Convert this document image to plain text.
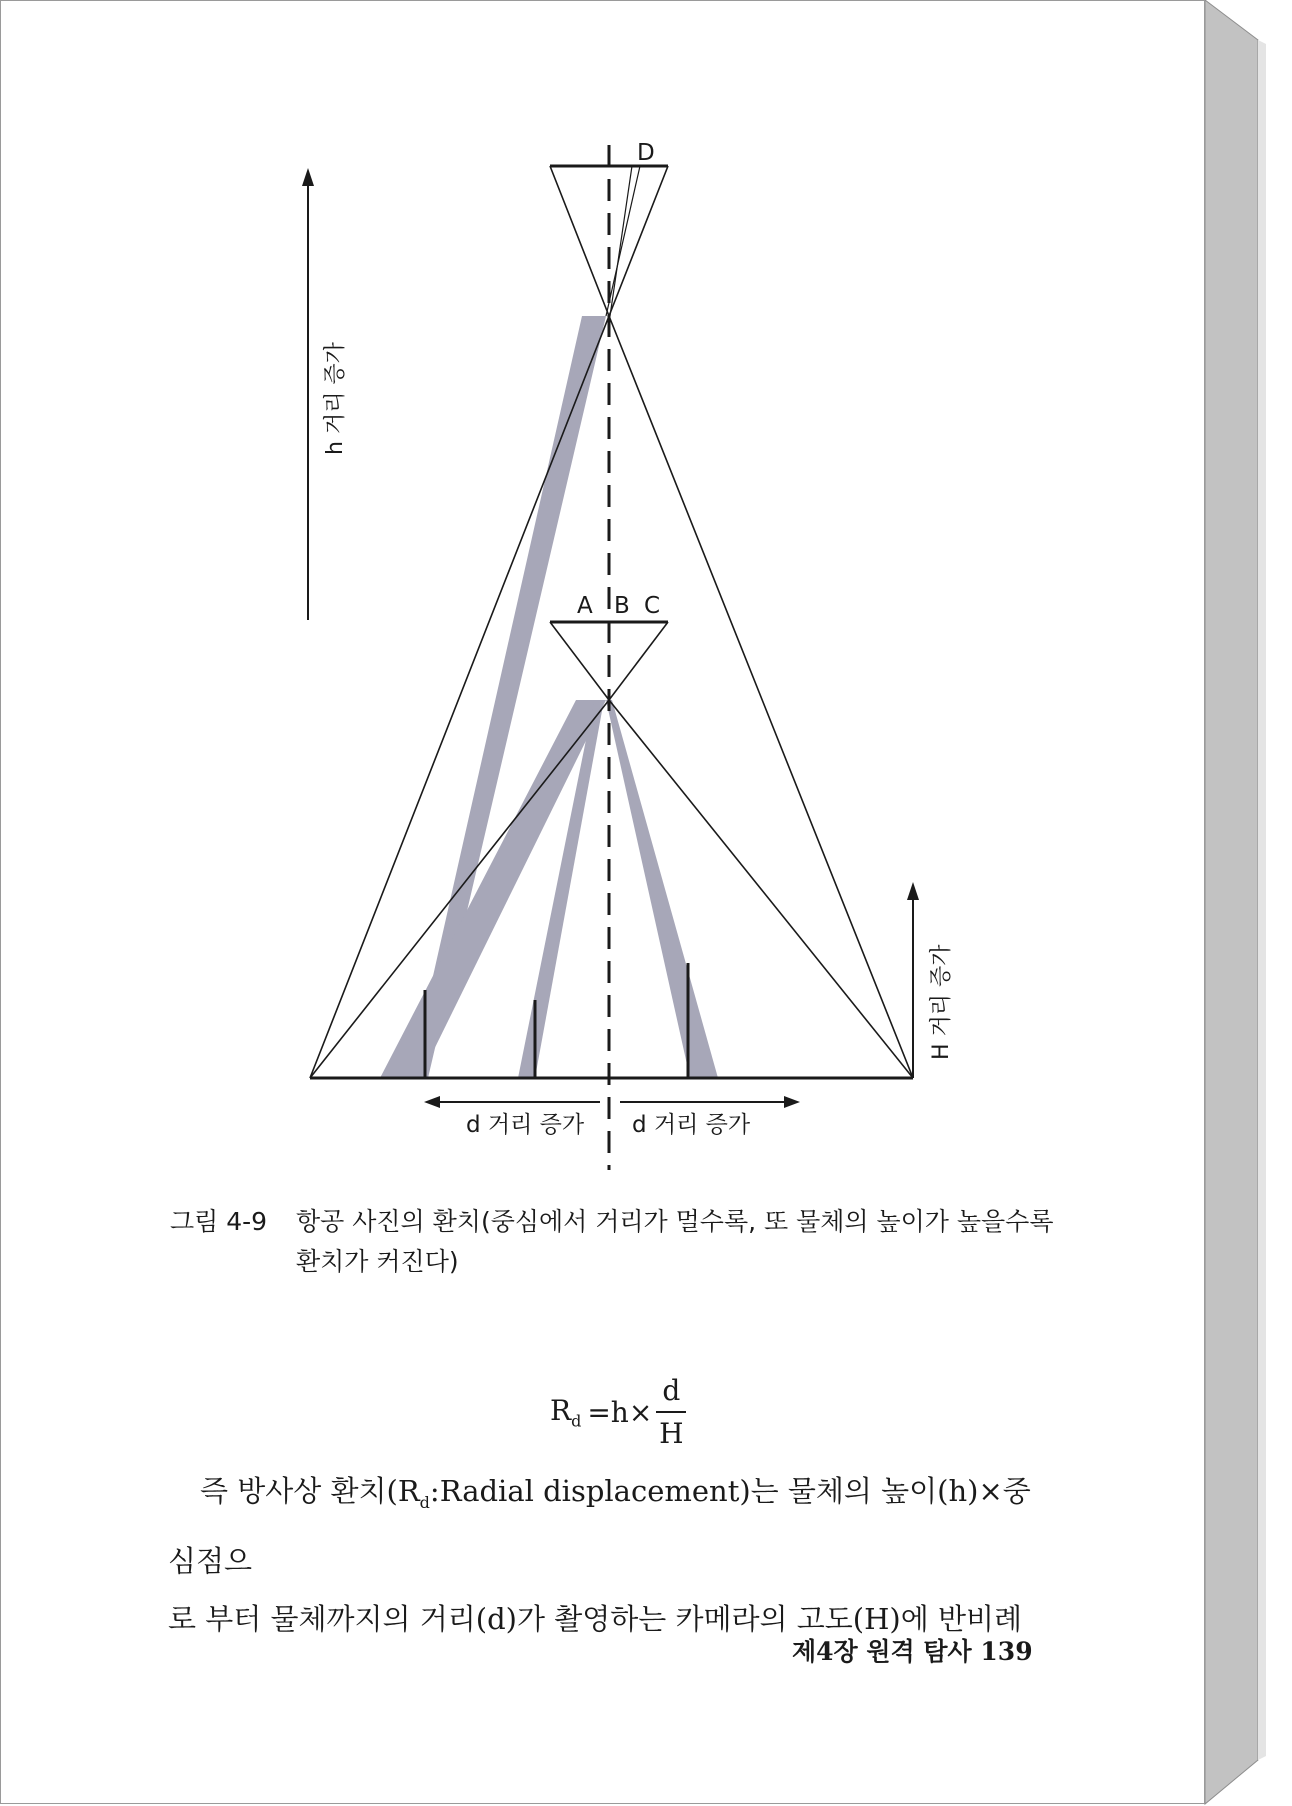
D
A B C
h 거리 증가
H 거리 증가
d 거리 증가 d 거리 증가
그림 4-9 항공 사진의 환치(중심에서 거리가 멀수록, 또 물체의 높이가 높을수록 환치가 커진다)
$R_d =h\times \frac{d}{H}$

즉 방사상 환치($R_d:Radial$ displacement)는 물체의 높이(h)×중심점으

로 부터 물체까지의 거리(d)가 촬영하는 카메라의 고도(H)에 반비례

제4장 원격 탐사 139
